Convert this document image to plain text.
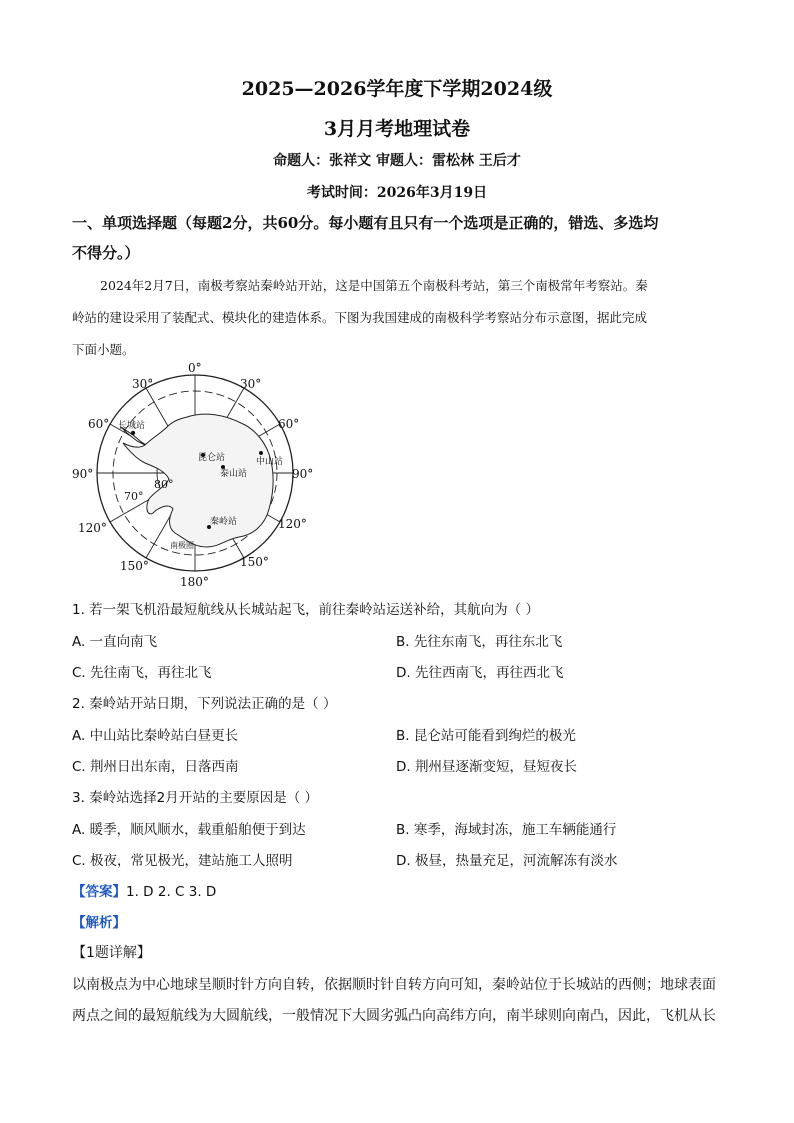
2025—2026学年度下学期2024级
3月月考地理试卷
命题人：张祥文 审题人：雷松林 王后才
考试时间：2026年3月19日
一、单项选择题（每题2分，共60分。每小题有且只有一个选项是正确的，错选、多选均
不得分。）
2024年2月7日，南极考察站秦岭站开站，这是中国第五个南极科考站，第三个南极常年考察站。秦
岭站的建设采用了装配式、模块化的建造体系。下图为我国建成的南极科学考察站分布示意图，据此完成
下面小题。
0°
30°	30°
60°	60°
90°	90°
120°	120°
150°	150°
180°
70°
80°
长城站
昆仑站
泰山站
中山站
秦岭站
南极圈
1. 若一架飞机沿最短航线从长城站起飞，前往秦岭站运送补给，其航向为（ ）
A. 一直向南飞	B. 先往东南飞，再往东北飞
C. 先往南飞，再往北飞	D. 先往西南飞，再往西北飞
2. 秦岭站开站日期，下列说法正确的是（ ）
A. 中山站比秦岭站白昼更长	B. 昆仑站可能看到绚烂的极光
C. 荆州日出东南，日落西南	D. 荆州昼逐渐变短，昼短夜长
3. 秦岭站选择2月开站的主要原因是（ ）
A. 暖季，顺风顺水，载重船舶便于到达	B. 寒季，海域封冻，施工车辆能通行
C. 极夜，常见极光，建站施工人照明	D. 极昼，热量充足，河流解冻有淡水
【答案】1. D 2. C 3. D
【解析】
【1题详解】
以南极点为中心地球呈顺时针方向自转，依据顺时针自转方向可知，秦岭站位于长城站的西侧；地球表面
两点之间的最短航线为大圆航线，一般情况下大圆劣弧凸向高纬方向，南半球则向南凸，因此，飞机从长
